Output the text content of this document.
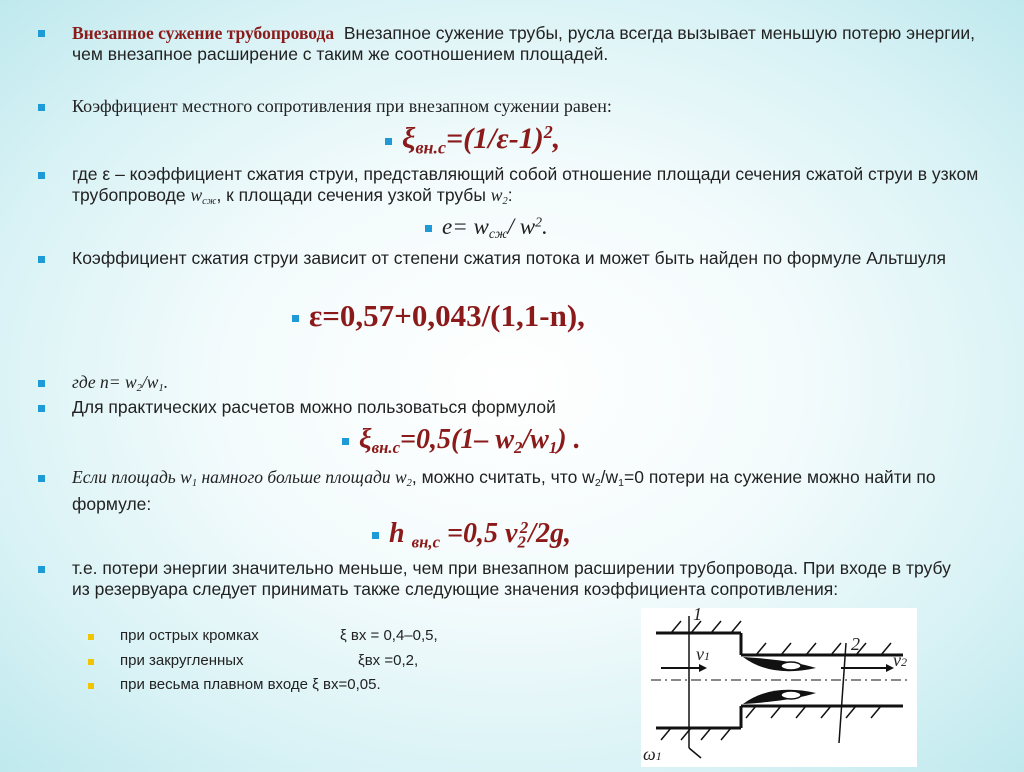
Внезапное сужение трубопровода Внезапное сужение трубы, русла всегда вызывает меньшую потерю энергии, чем внезапное расширение с таким же соотношением площадей.
Коэффициент местного сопротивления при внезапном сужении равен:
$\xi_{вн.с}=(1/\varepsilon-1)^2$,
где ε – коэффициент сжатия струи, представляющий собой отношение площади сечения сжатой струи в узком трубопроводе $w_{сж}$, к площади сечения узкой трубы $w_2$:
$e= w_{сж}/$ $w^2$.
Коэффициент сжатия струи зависит от степени сжатия потока и может быть найден по формуле Альтшуля
ε=0,57+0,043/(1,1-n),
где $n= w_2/w_1$.
Для практических расчетов можно пользоваться формулой
$\xi_{вн.с}=0,5(1-$ $w_2/w_1$) .
Если площадь $w_1$ намного больше площади $w_2$, можно считать, что $w_2/w_1=0$ потери на сужение можно найти по формуле:
h $_{вн,с}$ =0,5 $v_2^2/2g$,
т.е. потери энергии значительно меньше, чем при внезапном расширении трубопровода. При входе в трубу из резервуара следует принимать также следующие значения коэффициента сопротивления:
при острых кромках	ξ вх = 0,4–0,5,
при закругленных	ξвх =0,2,
при весьма плавном входе ξ вх=0,05.
1
2
v1	v2
ω1
